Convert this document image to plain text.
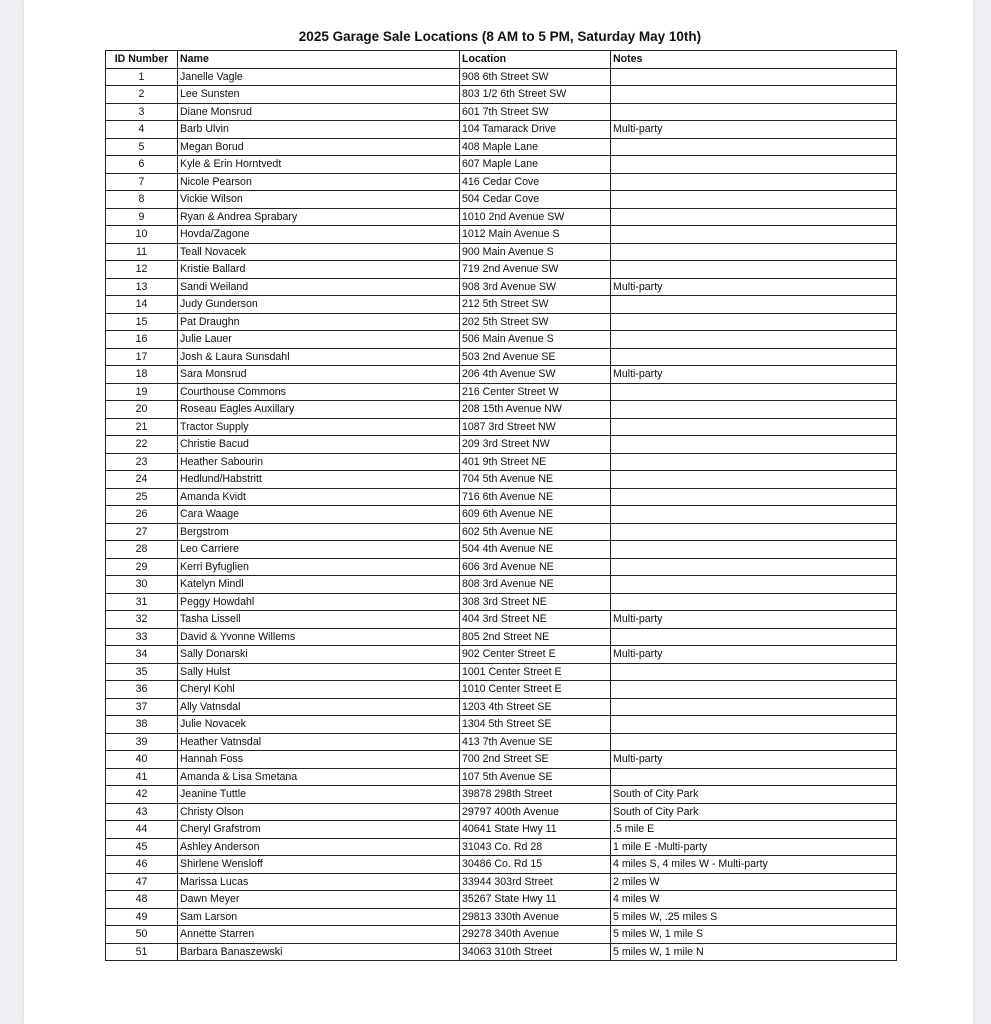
2025 Garage Sale Locations (8 AM to 5 PM, Saturday May 10th)
ID Number	Name	Location	Notes
1	Janelle Vagle	908 6th Street SW	
2	Lee Sunsten	803 1/2 6th Street SW	
3	Diane Monsrud	601 7th Street SW	
4	Barb Ulvin	104 Tamarack Drive	Multi-party
5	Megan Borud	408 Maple Lane	
6	Kyle & Erin Horntvedt	607 Maple Lane	
7	Nicole Pearson	416 Cedar Cove	
8	Vickie Wilson	504 Cedar Cove	
9	Ryan & Andrea Sprabary	1010 2nd Avenue SW	
10	Hovda/Zagone	1012 Main Avenue S	
11	Teall Novacek	900 Main Avenue S	
12	Kristie Ballard	719 2nd Avenue SW	
13	Sandi Weiland	908 3rd Avenue SW	Multi-party
14	Judy Gunderson	212 5th Street SW	
15	Pat Draughn	202 5th Street SW	
16	Julie Lauer	506 Main Avenue S	
17	Josh & Laura Sunsdahl	503 2nd Avenue SE	
18	Sara Monsrud	206 4th Avenue SW	Multi-party
19	Courthouse Commons	216 Center Street W	
20	Roseau Eagles Auxillary	208 15th Avenue NW	
21	Tractor Supply	1087 3rd Street NW	
22	Christie Bacud	209 3rd Street NW	
23	Heather Sabourin	401 9th Street NE	
24	Hedlund/Habstritt	704 5th Avenue NE	
25	Amanda Kvidt	716 6th Avenue NE	
26	Cara Waage	609 6th Avenue NE	
27	Bergstrom	602 5th Avenue NE	
28	Leo Carriere	504 4th Avenue NE	
29	Kerri Byfuglien	606 3rd Avenue NE	
30	Katelyn Mindl	808 3rd Avenue NE	
31	Peggy Howdahl	308 3rd Street NE	
32	Tasha Lissell	404 3rd Street NE	Multi-party
33	David & Yvonne Willems	805 2nd Street NE	
34	Sally Donarski	902 Center Street E	Multi-party
35	Sally Hulst	1001 Center Street E	
36	Cheryl Kohl	1010 Center Street E	
37	Ally Vatnsdal	1203 4th Street SE	
38	Julie Novacek	1304 5th Street SE	
39	Heather Vatnsdal	413 7th Avenue SE	
40	Hannah Foss	700 2nd Street SE	Multi-party
41	Amanda & Lisa Smetana	107 5th Avenue SE	
42	Jeanine Tuttle	39878 298th Street	South of City Park
43	Christy Olson	29797 400th Avenue	South of City Park
44	Cheryl Grafstrom	40641 State Hwy 11	.5 mile E
45	Ashley Anderson	31043 Co. Rd 28	1 mile E -Multi-party
46	Shirlene Wensloff	30486 Co. Rd 15	4 miles S, 4 miles W - Multi-party
47	Marissa Lucas	33944 303rd Street	2 miles W
48	Dawn Meyer	35267 State Hwy 11	4 miles W
49	Sam Larson	29813 330th Avenue	5 miles W, .25 miles S
50	Annette Starren	29278 340th Avenue	5 miles W, 1 mile S
51	Barbara Banaszewski	34063 310th Street	5 miles W, 1 mile N
